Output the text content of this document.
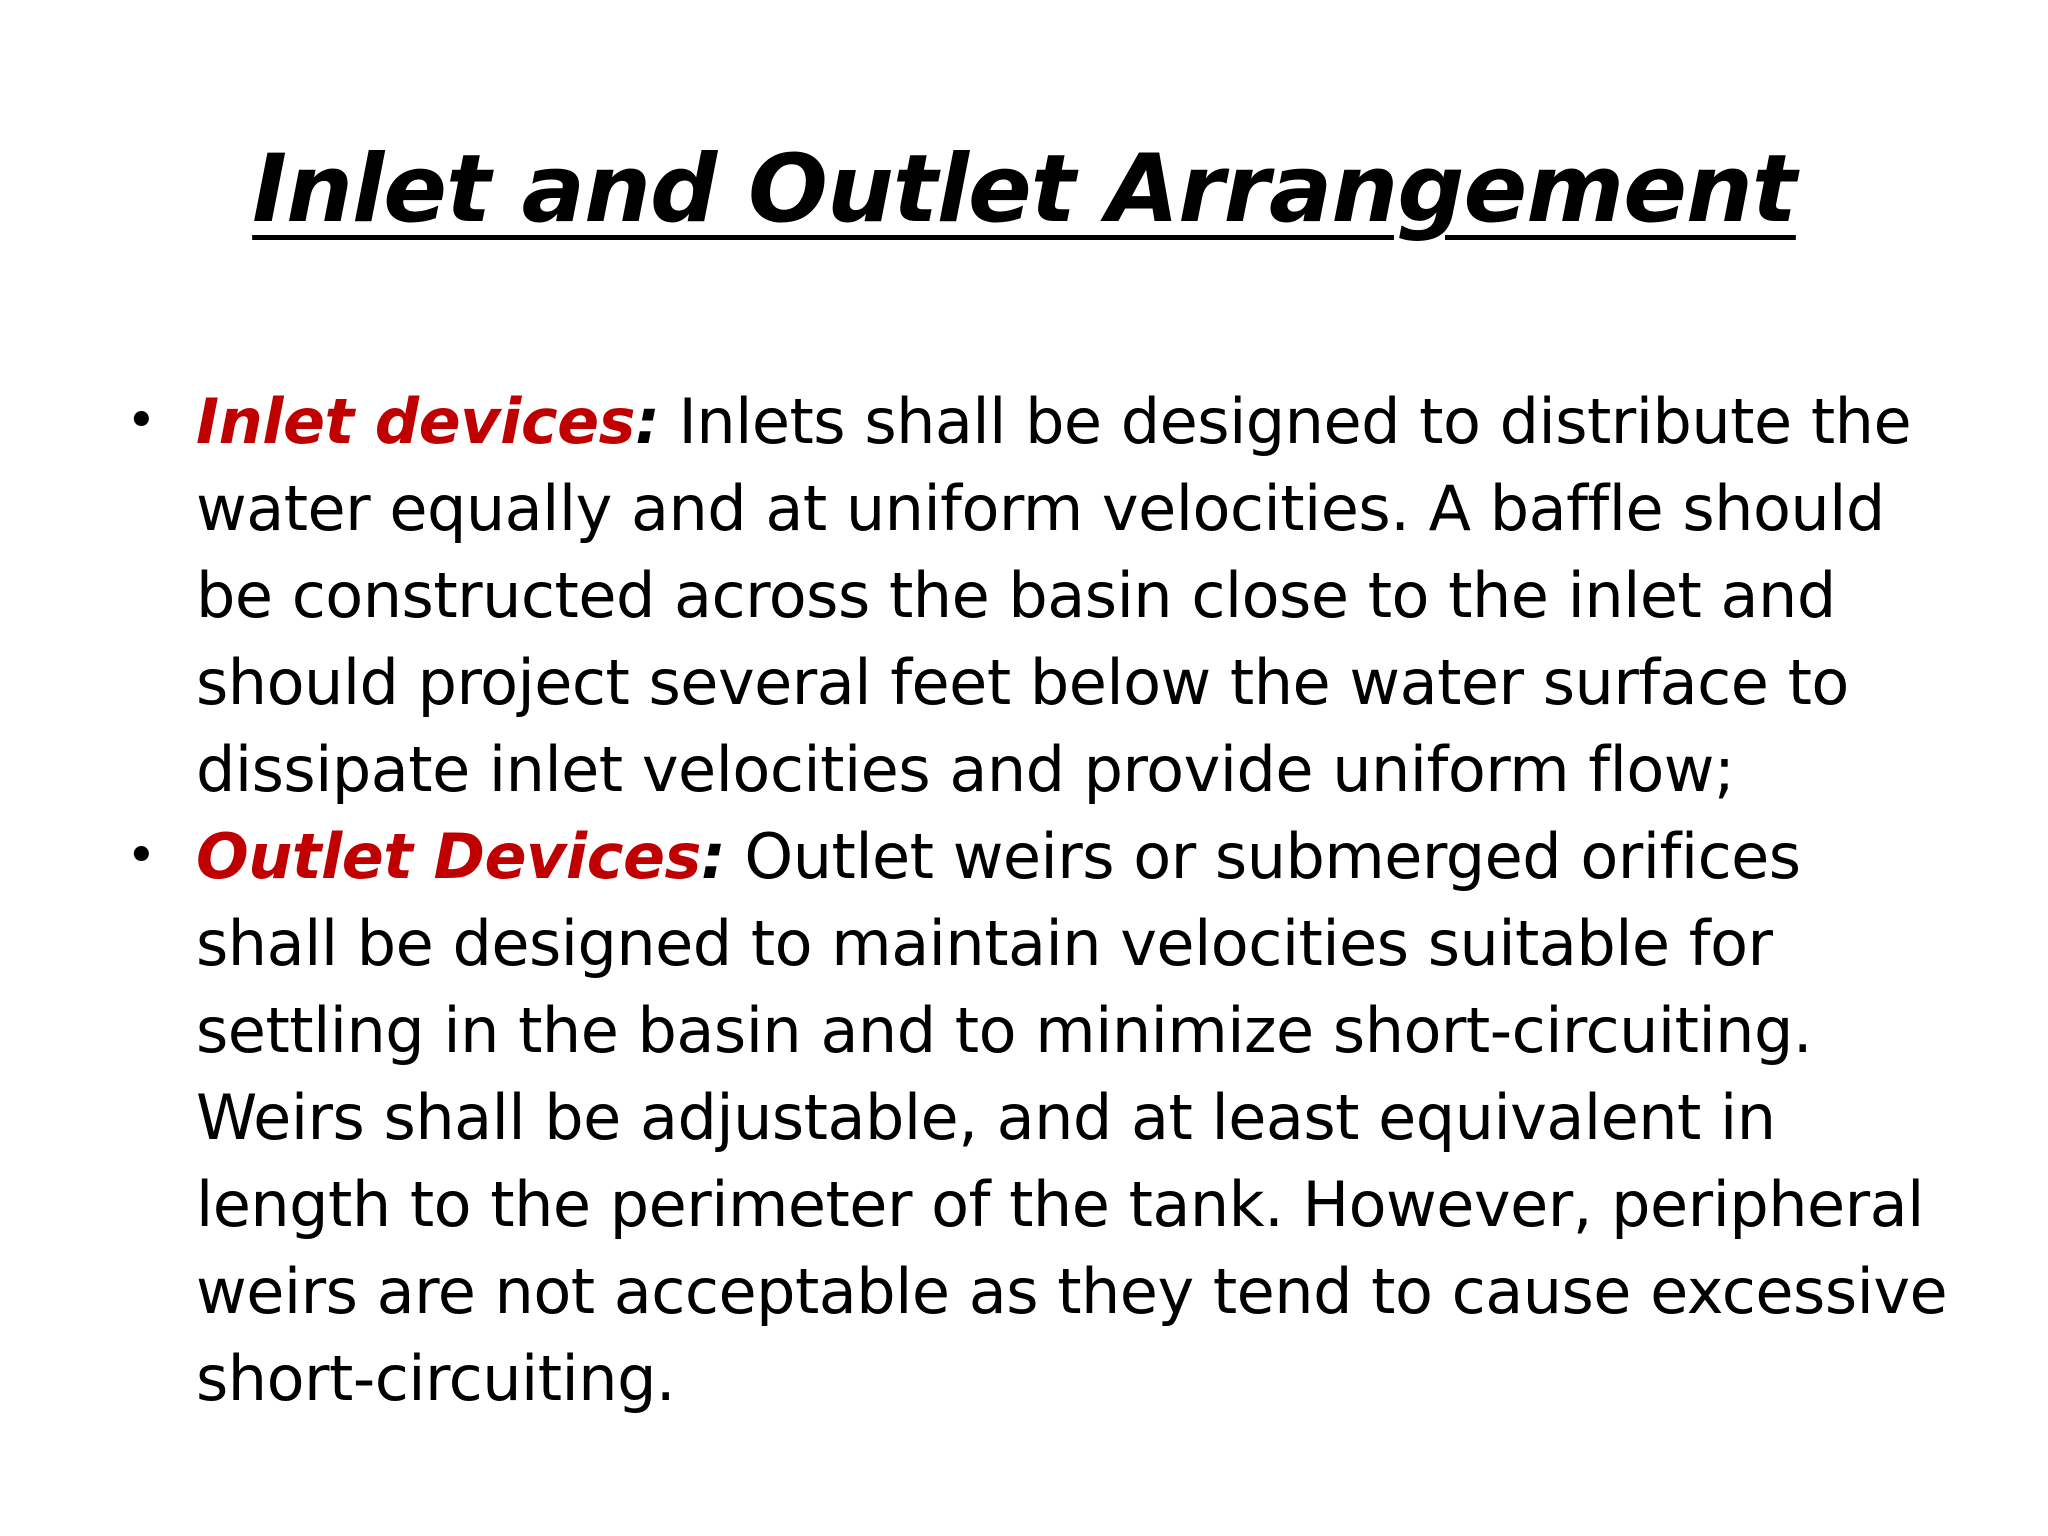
Inlet and Outlet Arrangement
• Inlet devices: Inlets shall be designed to distribute the water equally and at uniform velocities. A baffle should be constructed across the basin close to the inlet and should project several feet below the water surface to dissipate inlet velocities and provide uniform flow;
• Outlet Devices: Outlet weirs or submerged orifices shall be designed to maintain velocities suitable for settling in the basin and to minimize short-circuiting. Weirs shall be adjustable, and at least equivalent in length to the perimeter of the tank. However, peripheral weirs are not acceptable as they tend to cause excessive short-circuiting.
